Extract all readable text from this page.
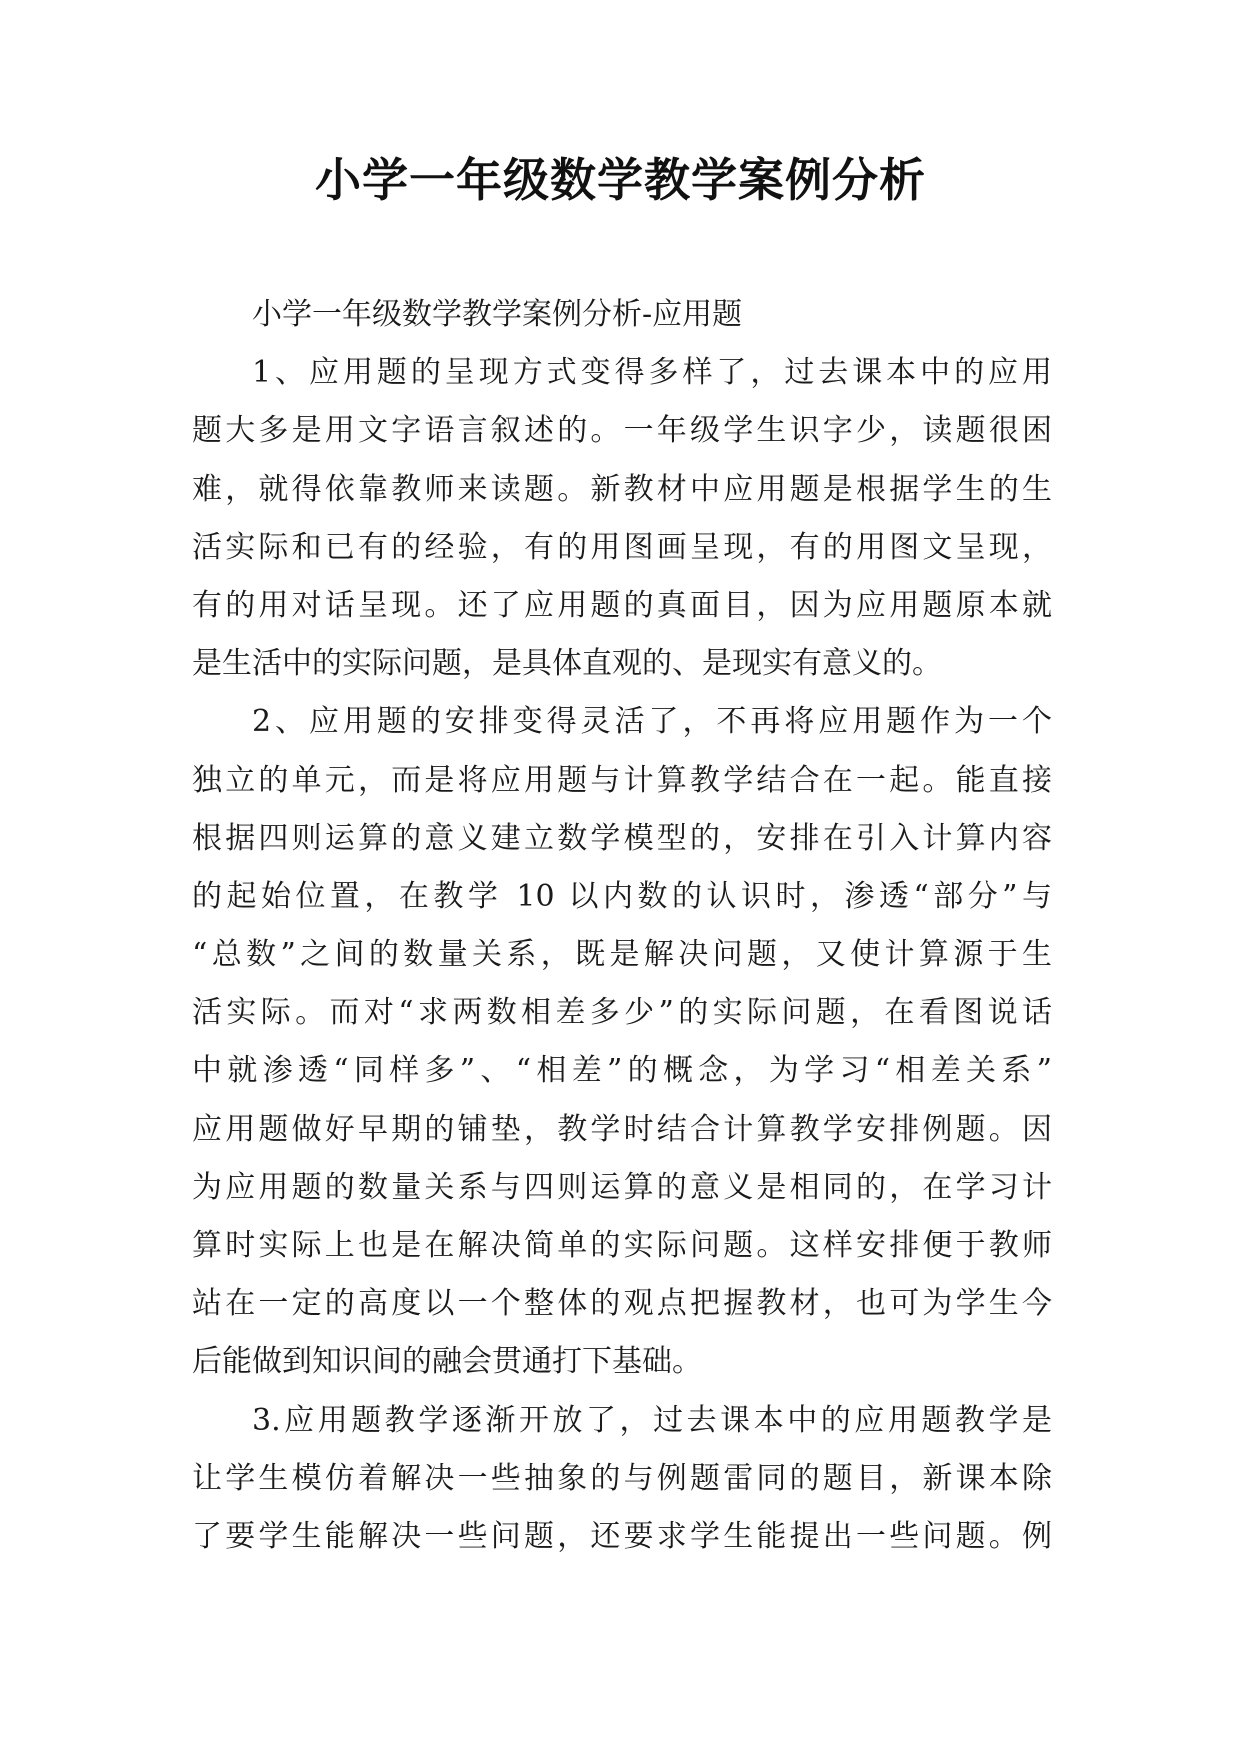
小学一年级数学教学案例分析
小学一年级数学教学案例分析-应用题
1、应用题的呈现方式变得多样了，过去课本中的应用
题大多是用文字语言叙述的。一年级学生识字少，读题很困
难，就得依靠教师来读题。新教材中应用题是根据学生的生
活实际和已有的经验，有的用图画呈现，有的用图文呈现，
有的用对话呈现。还了应用题的真面目，因为应用题原本就
是生活中的实际问题，是具体直观的、是现实有意义的。
2、应用题的安排变得灵活了，不再将应用题作为一个
独立的单元，而是将应用题与计算教学结合在一起。能直接
根据四则运算的意义建立数学模型的，安排在引入计算内容
的起始位置，在教学 10 以内数的认识时，渗透“部分”与
“总数”之间的数量关系，既是解决问题，又使计算源于生
活实际。而对“求两数相差多少”的实际问题，在看图说话
中就渗透“同样多”、“相差”的概念，为学习“相差关系”
应用题做好早期的铺垫，教学时结合计算教学安排例题。因
为应用题的数量关系与四则运算的意义是相同的，在学习计
算时实际上也是在解决简单的实际问题。这样安排便于教师
站在一定的高度以一个整体的观点把握教材，也可为学生今
后能做到知识间的融会贯通打下基础。
3.应用题教学逐渐开放了，过去课本中的应用题教学是
让学生模仿着解决一些抽象的与例题雷同的题目，新课本除
了要学生能解决一些问题，还要求学生能提出一些问题。例
